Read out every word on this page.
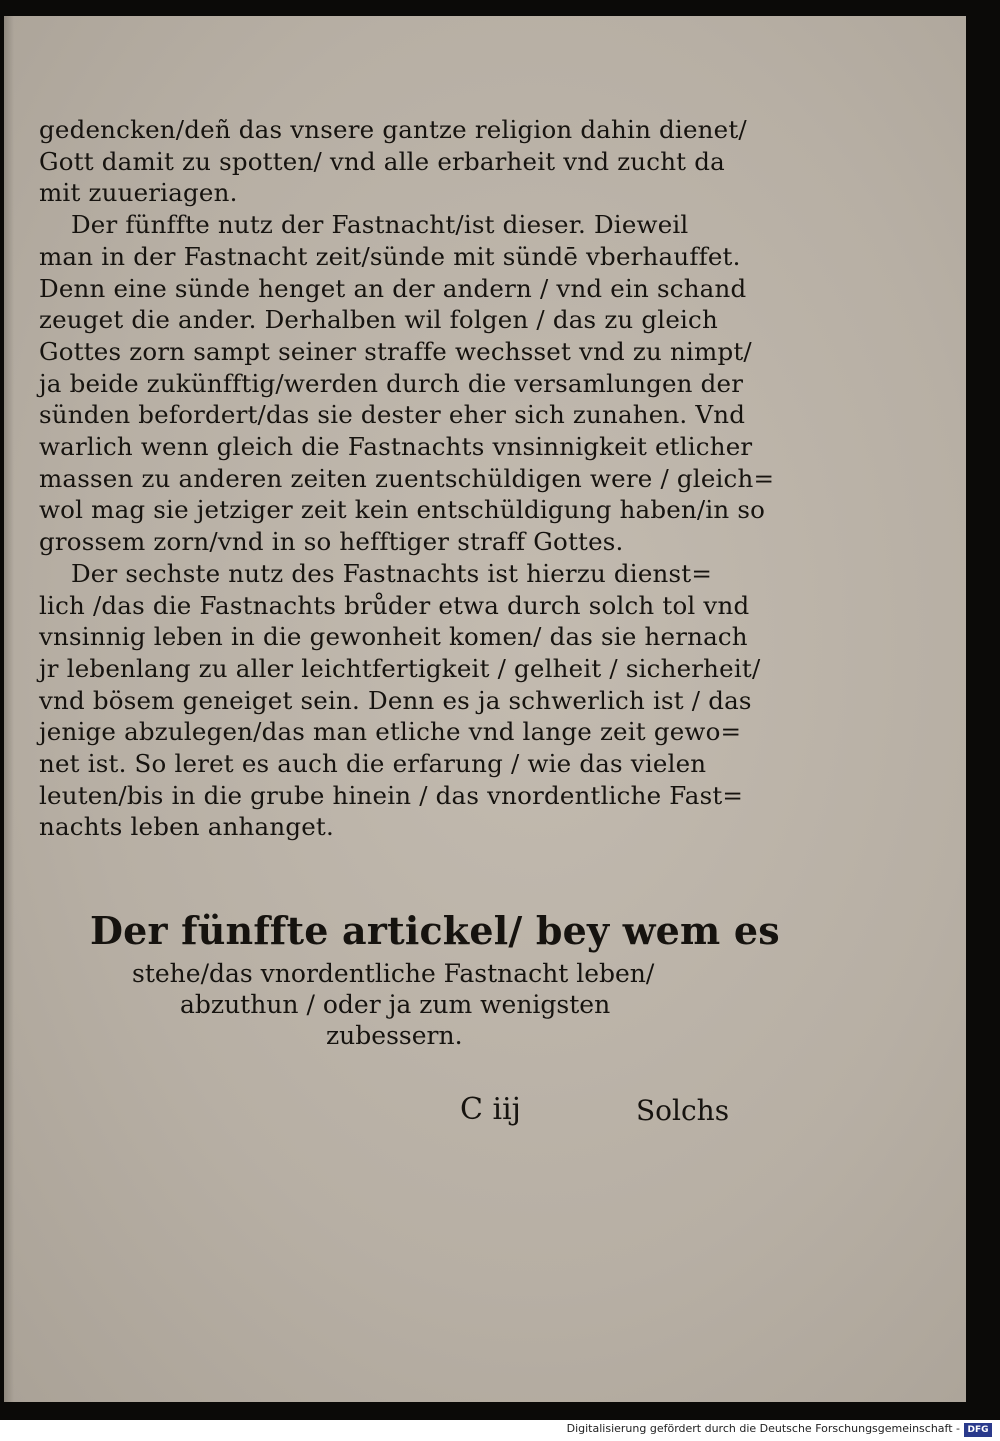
gedencken/deñ das vnsere gantze religion dahin dienet/
Gott damit zu spotten/ vnd alle erbarheit vnd zucht da
mit zuueriagen.
Der fünffte nutz der Fastnacht/ist dieser. Dieweil
man in der Fastnacht zeit/sünde mit sündē vberhauffet.
Denn eine sünde henget an der andern / vnd ein schand
zeuget die ander. Derhalben wil folgen / das zu gleich
Gottes zorn sampt seiner straffe wechsset vnd zu nimpt/
ja beide zukünfftig/werden durch die versamlungen der
sünden befordert/das sie dester eher sich zunahen. Vnd
warlich wenn gleich die Fastnachts vnsinnigkeit etlicher
massen zu anderen zeiten zuentschüldigen were / gleich=
wol mag sie jetziger zeit kein entschüldigung haben/in so
grossem zorn/vnd in so hefftiger straff Gottes.
Der sechste nutz des Fastnachts ist hierzu dienst=
lich /das die Fastnachts brůder etwa durch solch tol vnd
vnsinnig leben in die gewonheit komen/ das sie hernach
jr lebenlang zu aller leichtfertigkeit / gelheit / sicherheit/
vnd bösem geneiget sein. Denn es ja schwerlich ist / das
jenige abzulegen/das man etliche vnd lange zeit gewo=
net ist. So leret es auch die erfarung / wie das vielen
leuten/bis in die grube hinein / das vnordentliche Fast=
nachts leben anhanget.
Der fünffte artickel/ bey wem es
stehe/das vnordentliche Fastnacht leben/
abzuthun / oder ja zum wenigsten
zubessern.
C iij	Solchs
Digitalisierung gefördert durch die Deutsche Forschungsgemeinschaft - DFG
